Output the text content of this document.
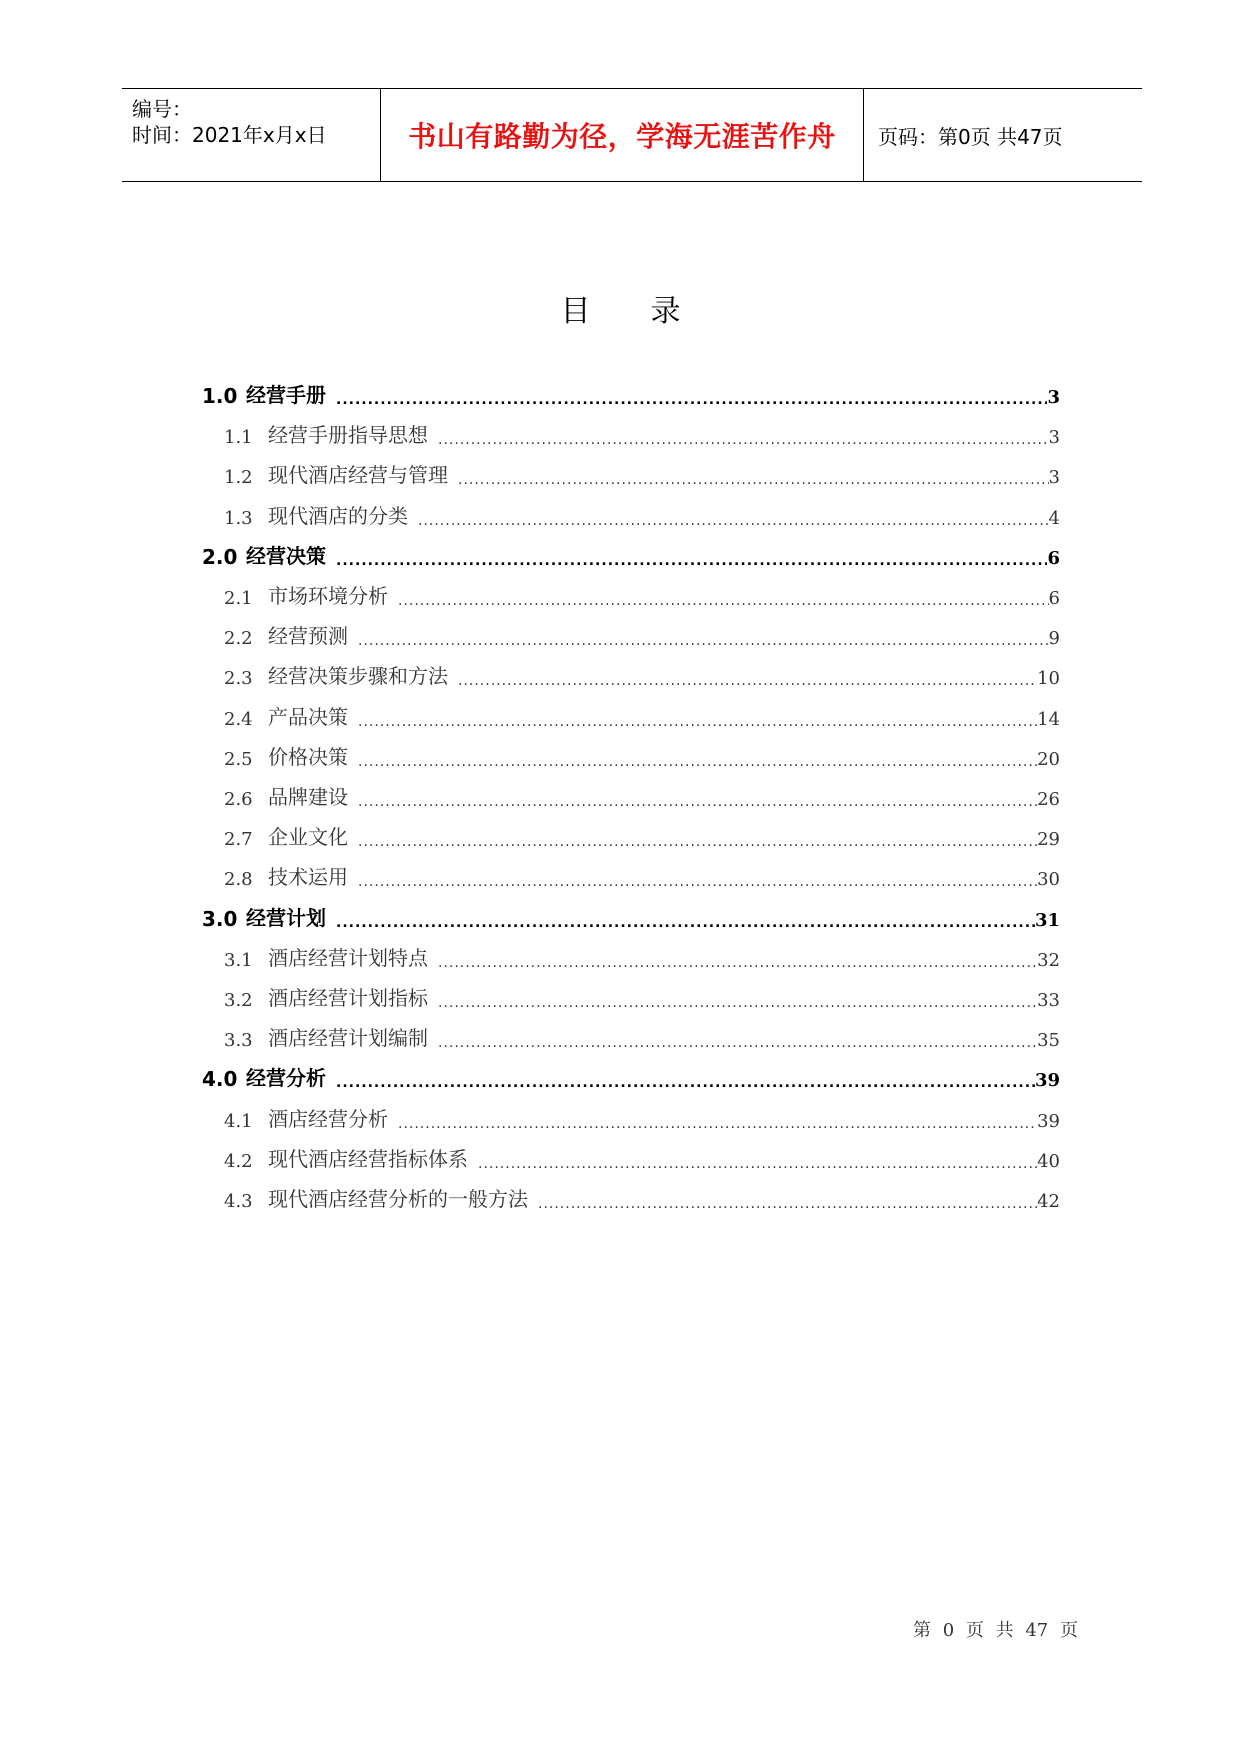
编号：
时间：2021年x月x日	书山有路勤为径，学海无涯苦作舟 页码：第0页 共47页
目录
1.0 经营手册 .....	3
1.1 经营手册指导思想 .....	3
1.2 现代酒店经营与管理 .....	3
1.3 现代酒店的分类 .....	4
2.0 经营决策 .....	6
2.1 市场环境分析 .....	6
2.2 经营预测 .....	9
2.3 经营决策步骤和方法 .....	10
2.4 产品决策 .....	14
2.5 价格决策 .....	20
2.6 品牌建设 .....	26
2.7 企业文化 .....	29
2.8 技术运用 .....	30
3.0 经营计划 .....	31
3.1 酒店经营计划特点 .....	32
3.2 酒店经营计划指标 .....	33
3.3 酒店经营计划编制 .....	35
4.0 经营分析 .....	39
4.1 酒店经营分析 .....	39
4.2 现代酒店经营指标体系 .....	40
4.3 现代酒店经营分析的一般方法 .....	42
第 0 页 共 47 页
